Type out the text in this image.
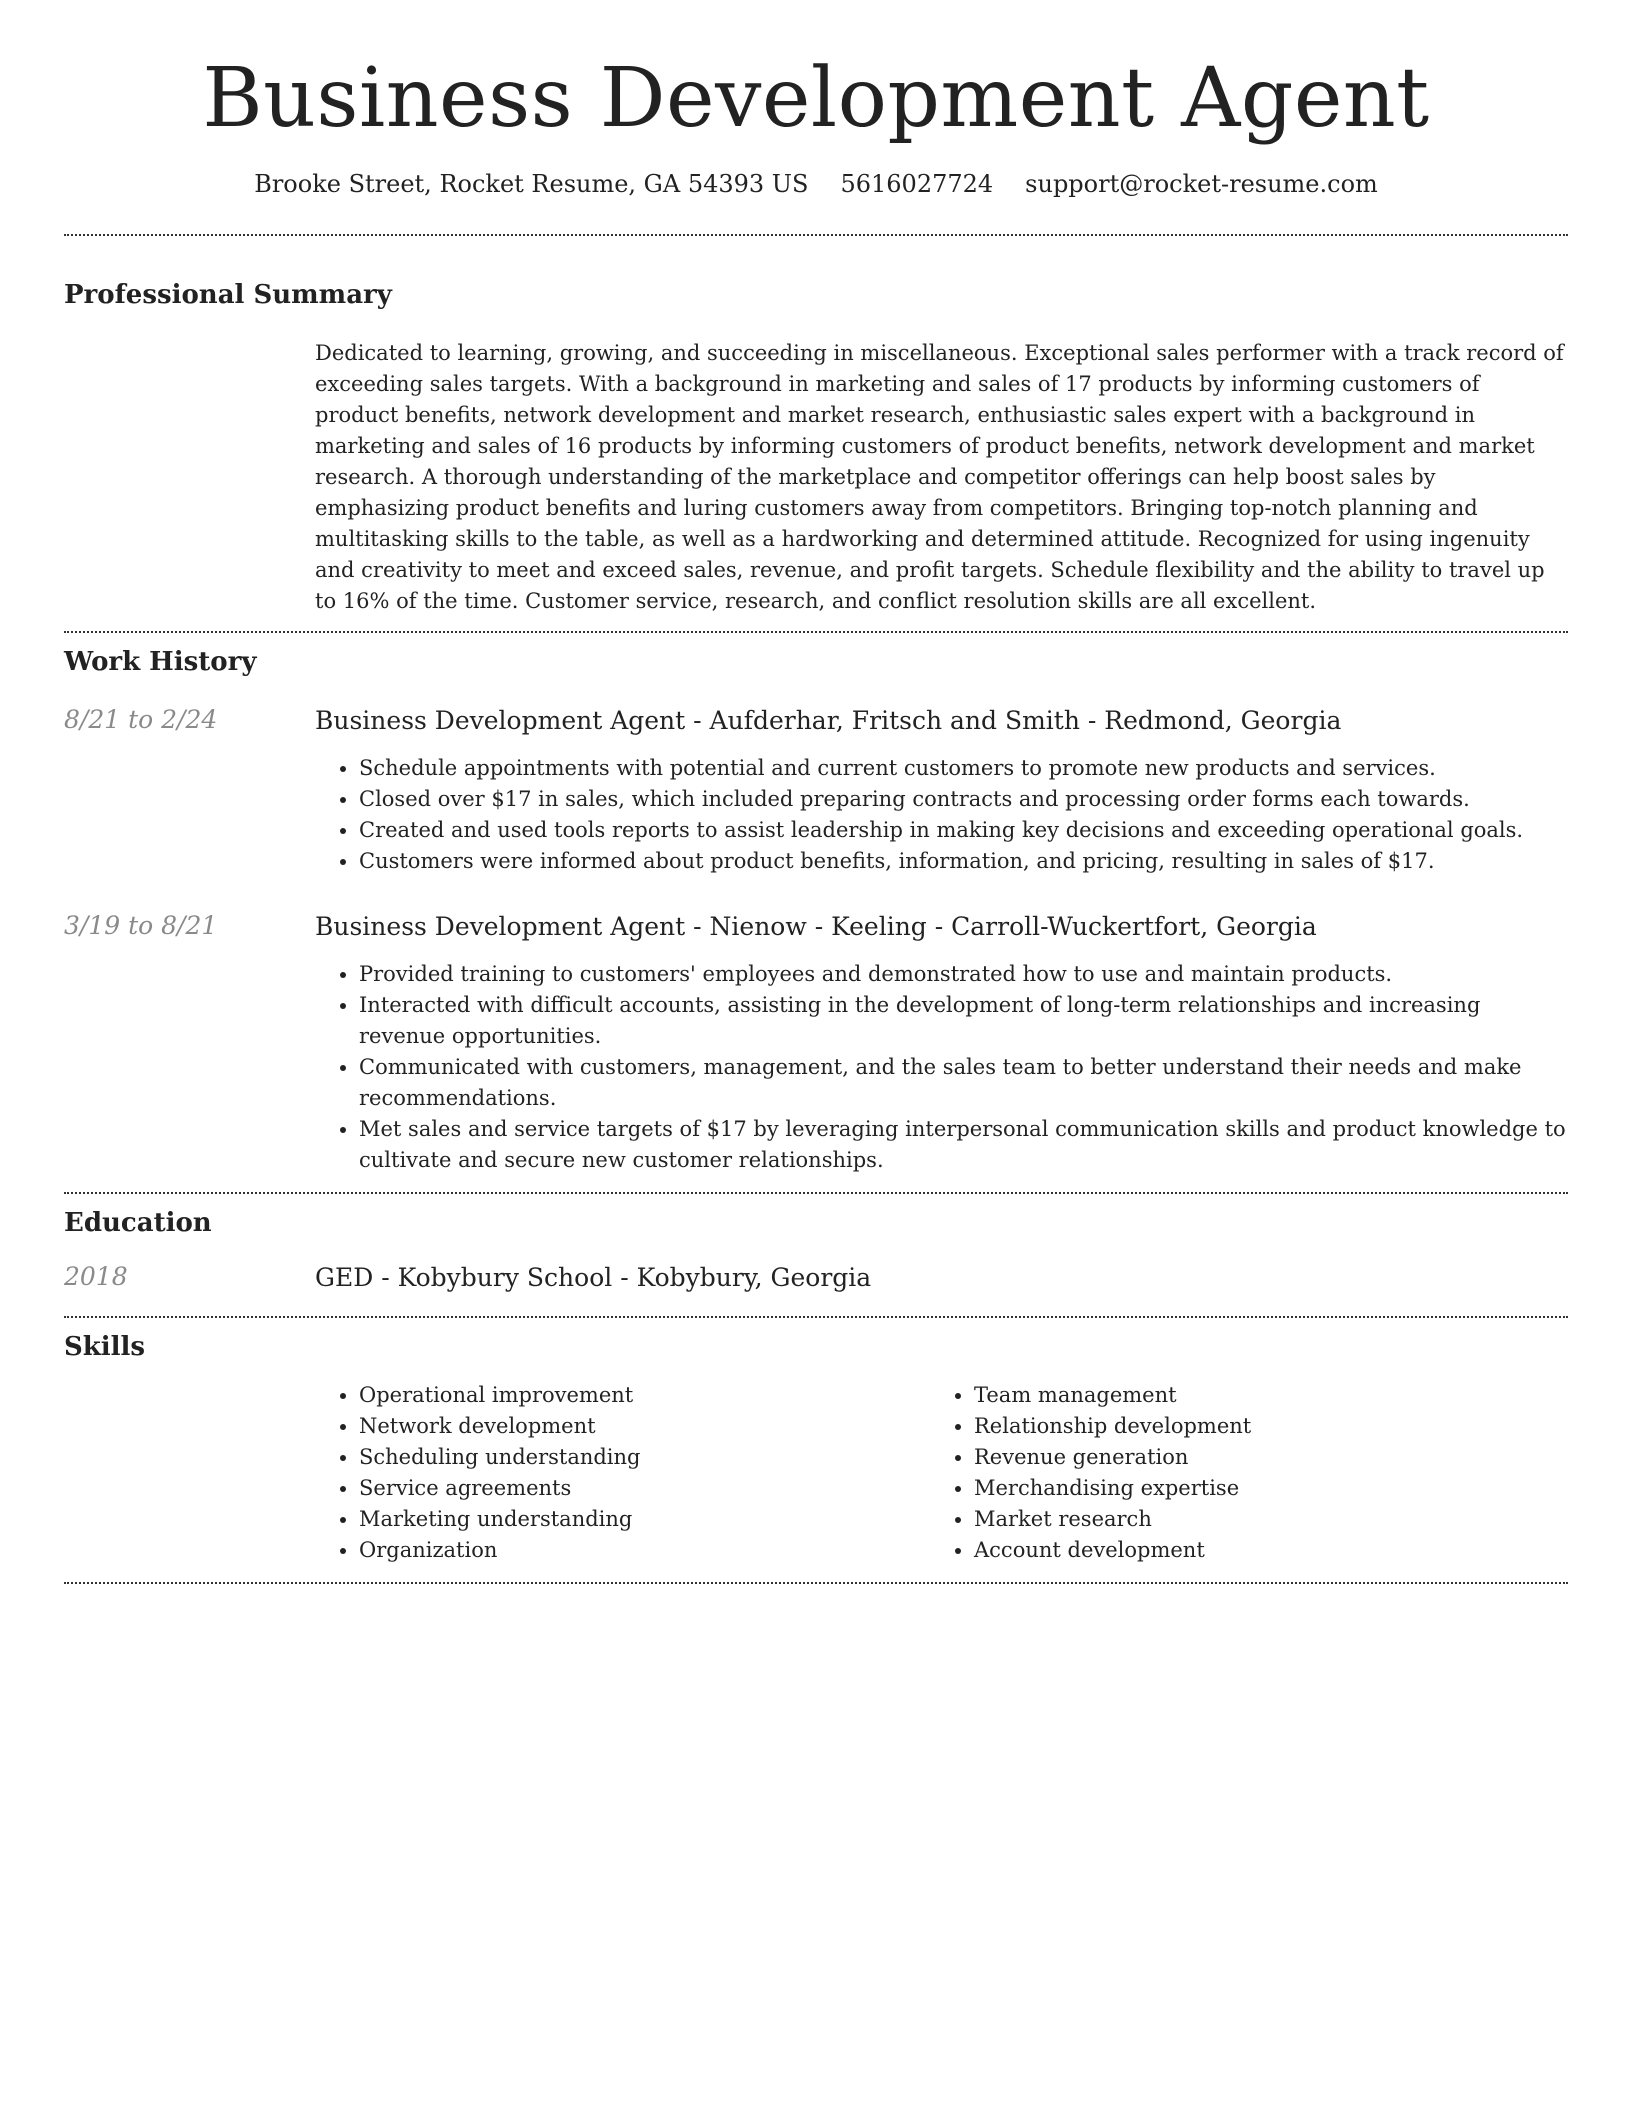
Business Development Agent
Brooke Street, Rocket Resume, GA 54393 US 5616027724 support@rocket-resume.com
Professional Summary

Dedicated to learning, growing, and succeeding in miscellaneous. Exceptional sales performer with a track record of exceeding sales targets. With a background in marketing and sales of 17 products by informing customers of product benefits, network development and market research, enthusiastic sales expert with a background in marketing and sales of 16 products by informing customers of product benefits, network development and market research. A thorough understanding of the marketplace and competitor offerings can help boost sales by emphasizing product benefits and luring customers away from competitors. Bringing top-notch planning and multitasking skills to the table, as well as a hardworking and determined attitude. Recognized for using ingenuity and creativity to meet and exceed sales, revenue, and profit targets. Schedule flexibility and the ability to travel up to 16% of the time. Customer service, research, and conflict resolution skills are all excellent.

Work History
8/21 to 2/24	Business Development Agent - Aufderhar, Fritsch and Smith - Redmond, Georgia
• Schedule appointments with potential and current customers to promote new products and services.
• Closed over $17 in sales, which included preparing contracts and processing order forms each towards.
• Created and used tools reports to assist leadership in making key decisions and exceeding operational goals.
• Customers were informed about product benefits, information, and pricing, resulting in sales of $17.
3/19 to 8/21	Business Development Agent - Nienow - Keeling - Carroll-Wuckertfort, Georgia
• Provided training to customers' employees and demonstrated how to use and maintain products.
• Interacted with difficult accounts, assisting in the development of long-term relationships and increasing revenue opportunities.
• Communicated with customers, management, and the sales team to better understand their needs and make recommendations.
• Met sales and service targets of $17 by leveraging interpersonal communication skills and product knowledge to cultivate and secure new customer relationships.
Education
2018	GED - Kobybury School - Kobybury, Georgia
Skills
• Operational improvement
• Network development
• Scheduling understanding
• Service agreements
• Marketing understanding
• Organization
• Team management
• Relationship development
• Revenue generation
• Merchandising expertise
• Market research
• Account development
